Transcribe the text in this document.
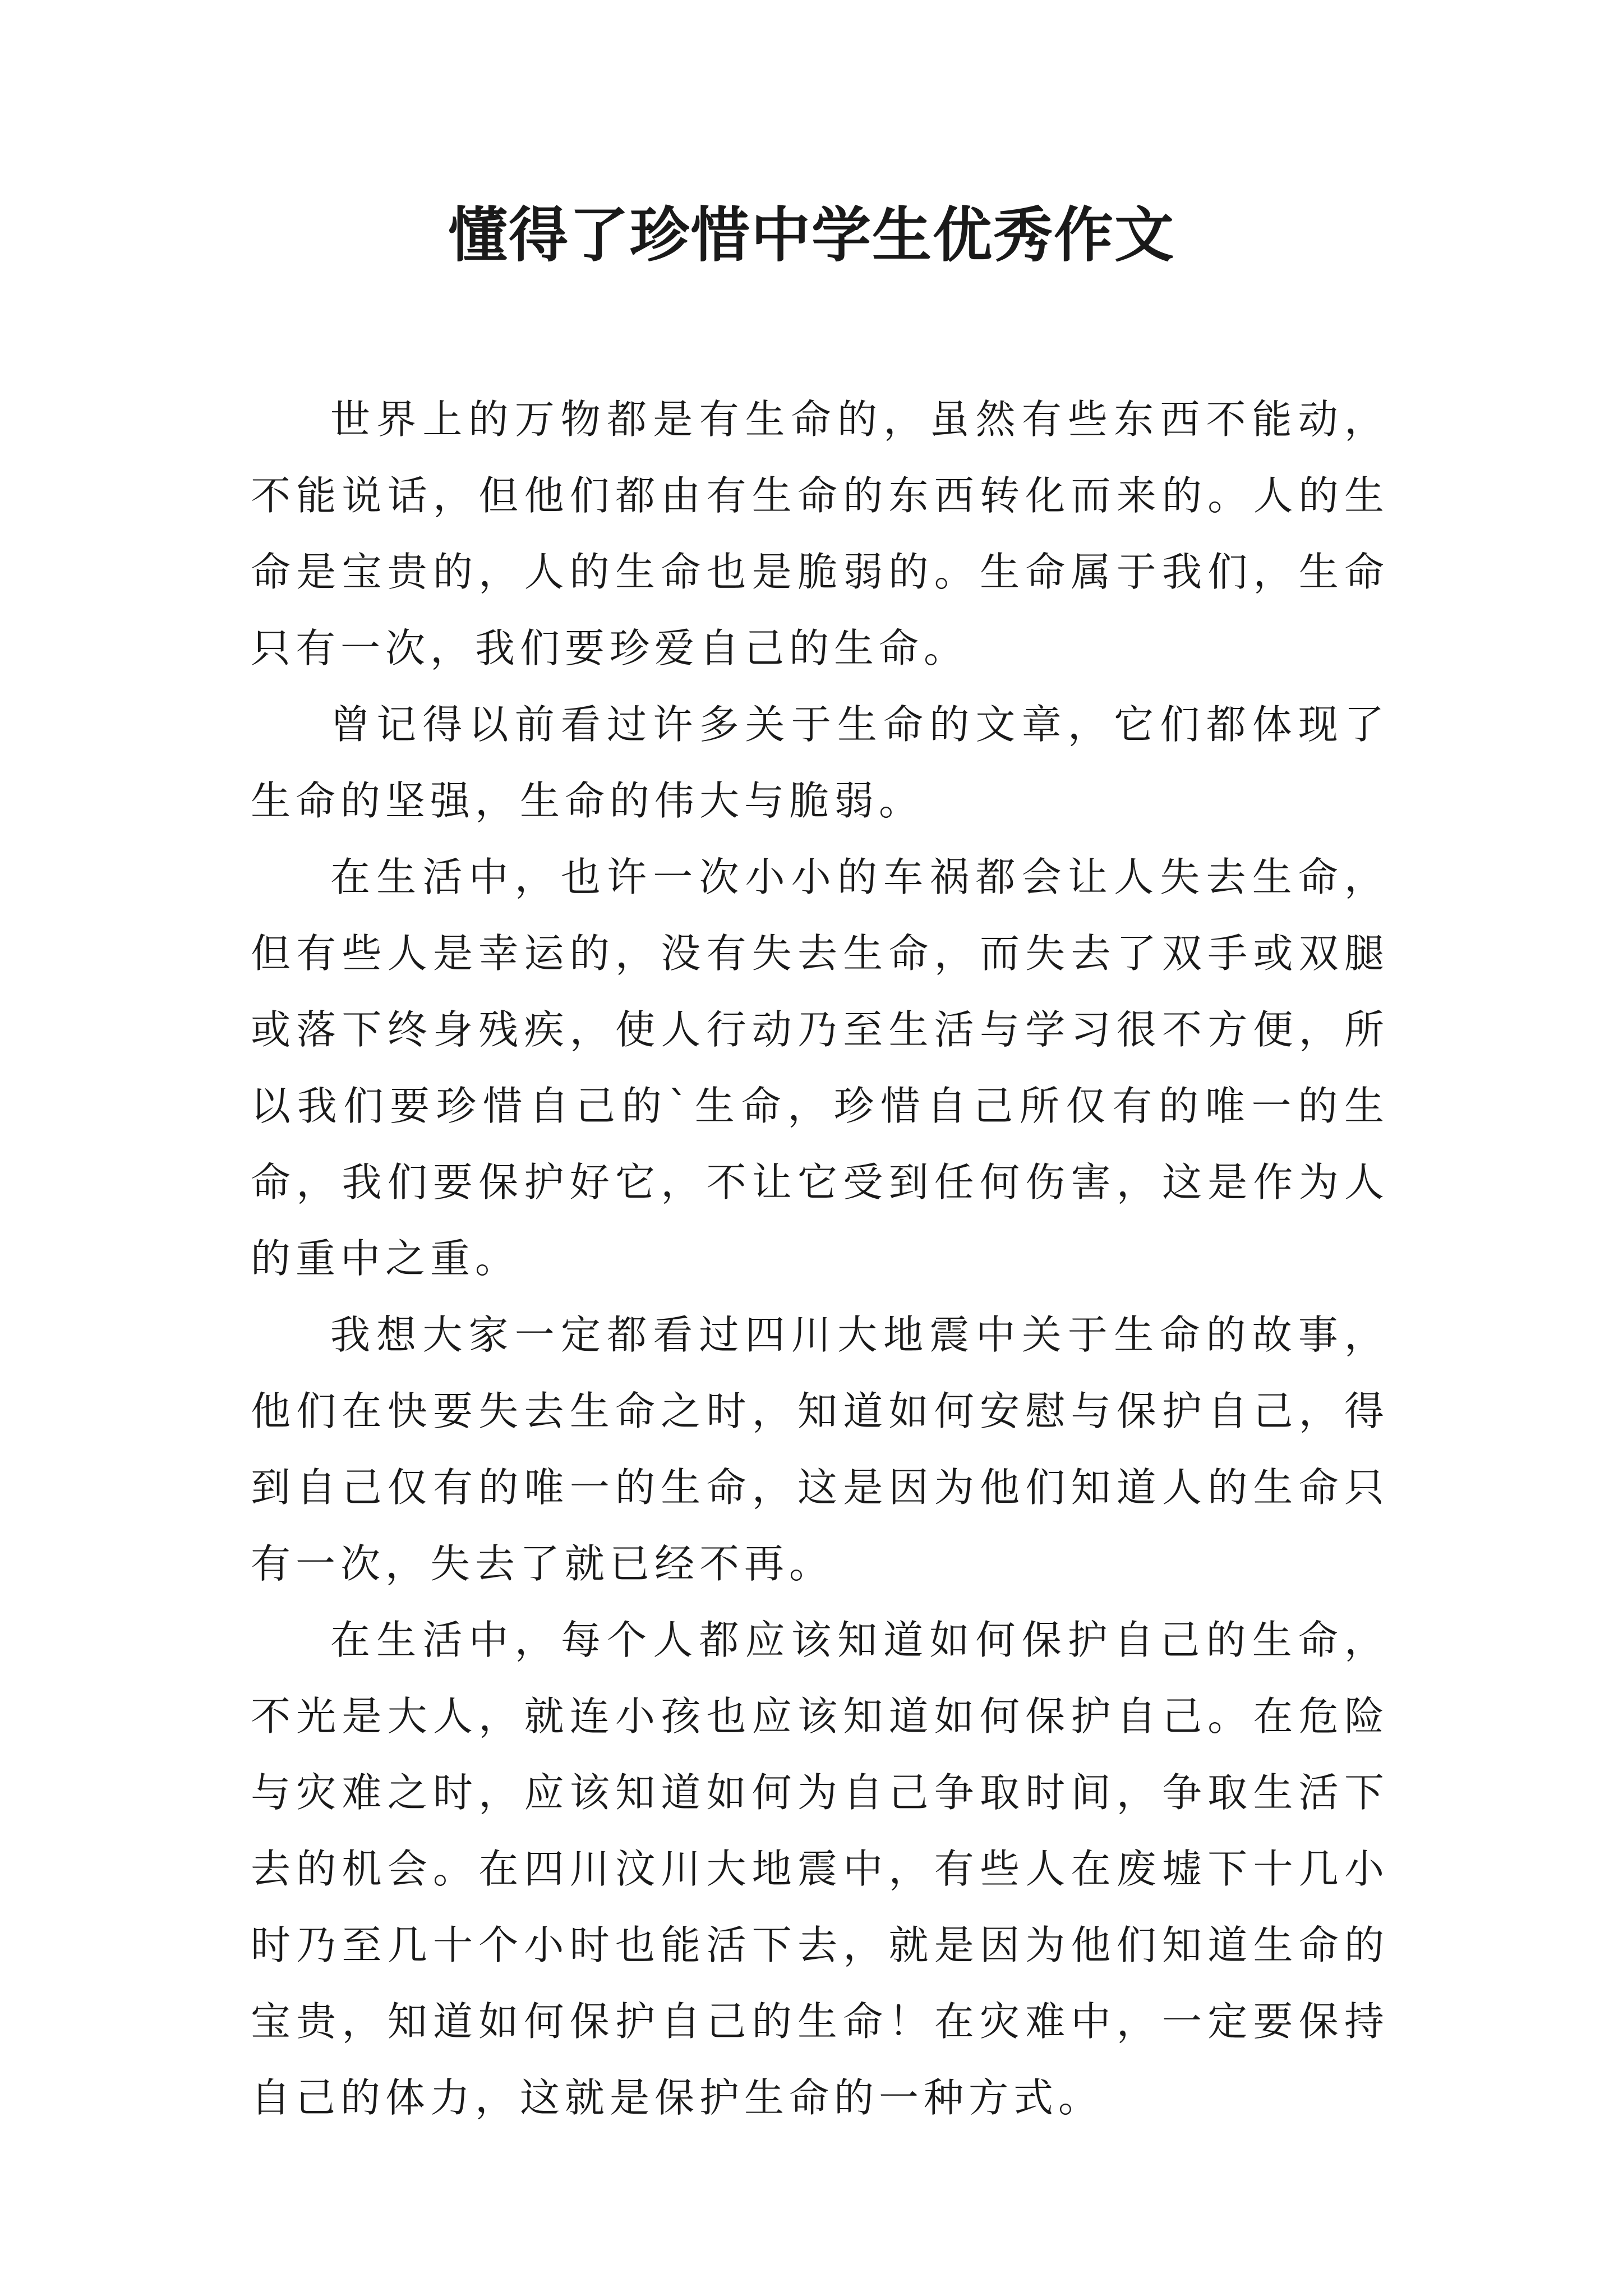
懂得了珍惜中学生优秀作文

世界上的万物都是有生命的，虽然有些东西不能动，不能说话，但他们都由有生命的东西转化而来的。人的生命是宝贵的，人的生命也是脆弱的。生命属于我们，生命只有一次，我们要珍爱自己的生命。

曾记得以前看过许多关于生命的文章，它们都体现了生命的坚强，生命的伟大与脆弱。

在生活中，也许一次小小的车祸都会让人失去生命，但有些人是幸运的，没有失去生命，而失去了双手或双腿或落下终身残疾，使人行动乃至生活与学习很不方便，所以我们要珍惜自己的`生命，珍惜自己所仅有的唯一的生命，我们要保护好它，不让它受到任何伤害，这是作为人的重中之重。

我想大家一定都看过四川大地震中关于生命的故事，他们在快要失去生命之时，知道如何安慰与保护自己，得到自己仅有的唯一的生命，这是因为他们知道人的生命只有一次，失去了就已经不再。

在生活中，每个人都应该知道如何保护自己的生命，不光是大人，就连小孩也应该知道如何保护自己。在危险与灾难之时，应该知道如何为自己争取时间，争取生活下去的机会。在四川汶川大地震中，有些人在废墟下十几小时乃至几十个小时也能活下去，就是因为他们知道生命的宝贵，知道如何保护自己的生命！在灾难中，一定要保持自己的体力，这就是保护生命的一种方式。
